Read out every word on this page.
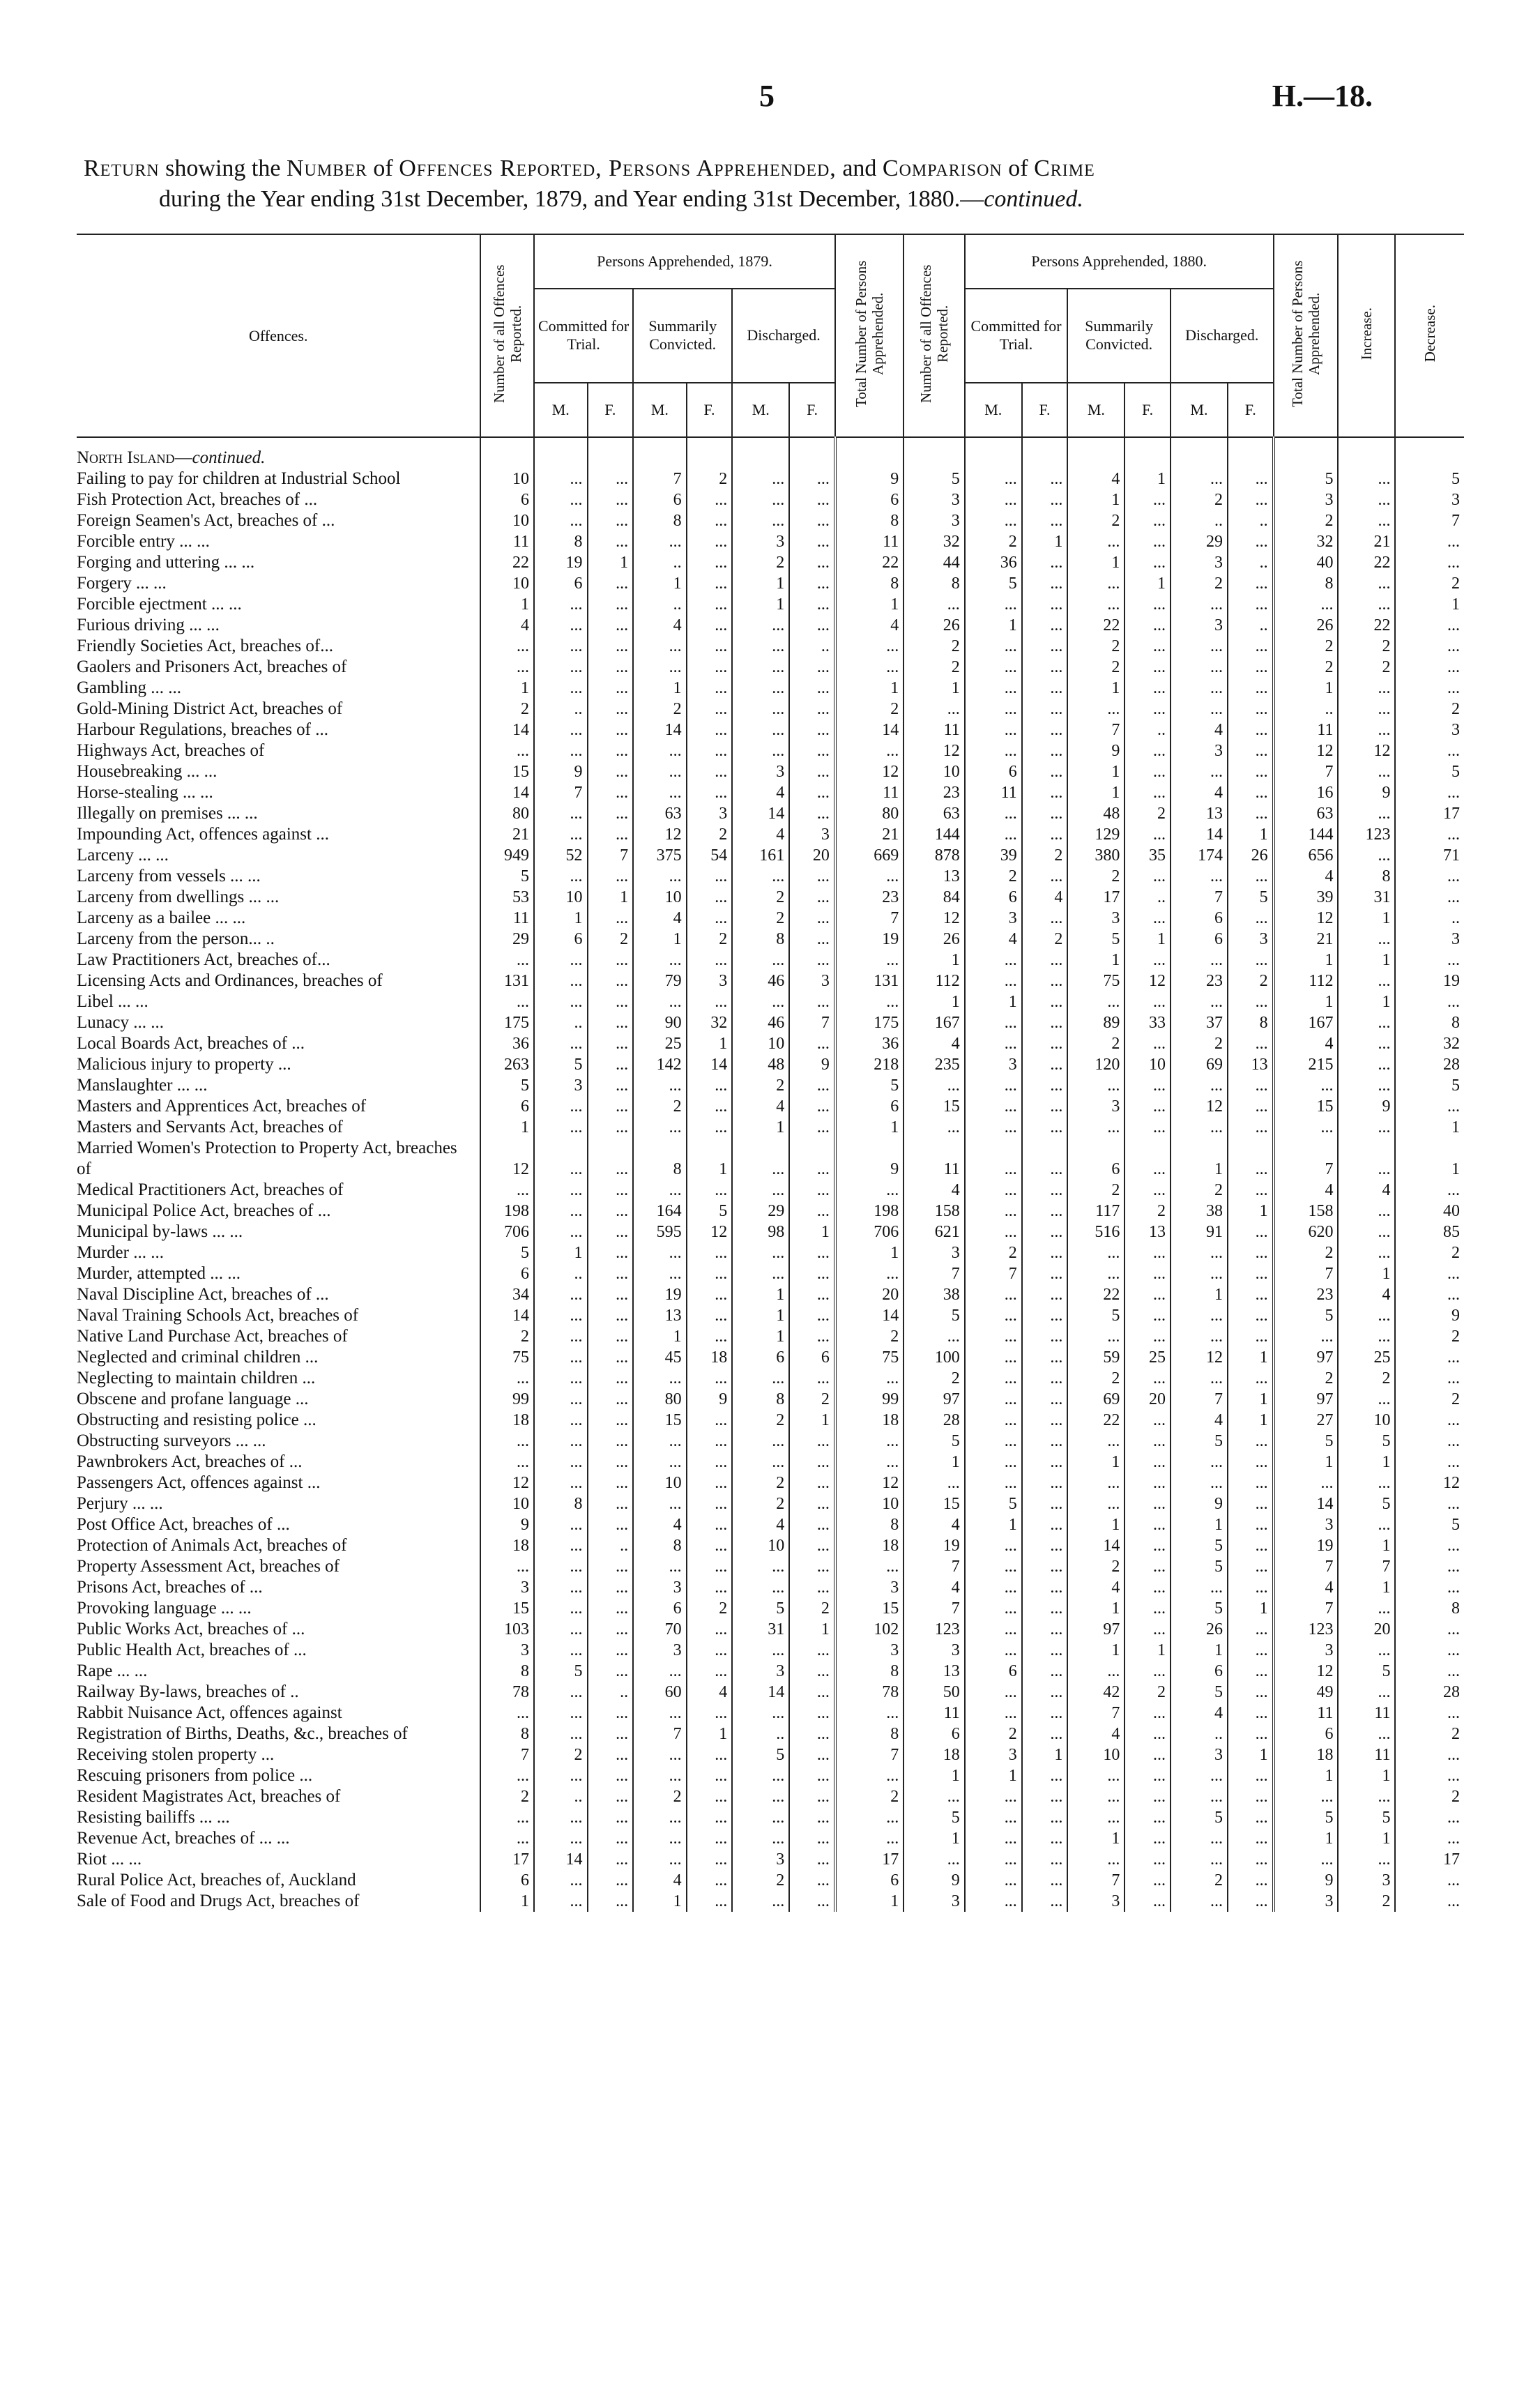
5	H.—18.
Return showing the Number of Offences Reported, Persons Apprehended, and Comparison of Crime
during the Year ending 31st December, 1879, and Year ending 31st December, 1880.—continued.
Offences.	Number of all Offences Reported.	Persons Apprehended, 1879.						Total Number of Persons Apprehended.	Number of all Offences Reported.	Persons Apprehended, 1880.						Total Number of Persons Apprehended.	Increase.	Decrease.
		Committed for Trial.		Summarily Convicted.		Discharged.				Committed for Trial.		Summarily Convicted.		Discharged.				
		M.	F.	M.	F.	M.	F.			M.	F.	M.	F.	M.	F.			
North Island—continued.																		
Failing to pay for children at Industrial School	10	...	...	7	2	...	...	9	5	...	...	4	1	...	...	5	...	5
Fish Protection Act, breaches of ...	6	...	...	6	...	...	...	6	3	...	...	1	...	2	...	3	...	3
Foreign Seamen's Act, breaches of ...	10	...	...	8	...	...	...	8	3	...	...	2	...	..	..	2	...	7
Forcible entry ... ...	11	8	...	...	...	3	...	11	32	2	1	...	...	29	...	32	21	...
Forging and uttering ... ...	22	19	1	..	...	2	...	22	44	36	...	1	...	3	..	40	22	...
Forgery ... ...	10	6	...	1	...	1	...	8	8	5	...	...	1	2	...	8	...	2
Forcible ejectment ... ...	1	...	...	..	...	1	...	1	...	...	...	...	...	...	...	...	...	1
Furious driving ... ...	4	...	...	4	...	...	...	4	26	1	...	22	...	3	..	26	22	...
Friendly Societies Act, breaches of...	...	...	...	...	...	...	..	...	2	...	...	2	...	...	...	2	2	...
Gaolers and Prisoners Act, breaches of	...	...	...	...	...	...	...	...	2	...	...	2	...	...	...	2	2	...
Gambling ... ...	1	...	...	1	...	...	...	1	1	...	...	1	...	...	...	1	...	...
Gold-Mining District Act, breaches of	2	..	...	2	...	...	...	2	...	...	...	...	...	...	...	..	...	2
Harbour Regulations, breaches of ...	14	...	...	14	...	...	...	14	11	...	...	7	..	4	...	11	...	3
Highways Act, breaches of	...	...	...	...	...	...	...	...	12	...	...	9	...	3	...	12	12	...
Housebreaking ... ...	15	9	...	...	...	3	...	12	10	6	...	1	...	...	...	7	...	5
Horse-stealing ... ...	14	7	...	...	...	4	...	11	23	11	...	1	...	4	...	16	9	...
Illegally on premises ... ...	80	...	...	63	3	14	...	80	63	...	...	48	2	13	...	63	...	17
Impounding Act, offences against ...	21	...	...	12	2	4	3	21	144	...	...	129	...	14	1	144	123	...
Larceny ... ...	949	52	7	375	54	161	20	669	878	39	2	380	35	174	26	656	...	71
Larceny from vessels ... ...	5	...	...	...	...	...	...	...	13	2	...	2	...	...	...	4	8	...
Larceny from dwellings ... ...	53	10	1	10	...	2	...	23	84	6	4	17	..	7	5	39	31	...
Larceny as a bailee ... ...	11	1	...	4	...	2	...	7	12	3	...	3	...	6	...	12	1	..
Larceny from the person... ..	29	6	2	1	2	8	...	19	26	4	2	5	1	6	3	21	...	3
Law Practitioners Act, breaches of...	...	...	...	...	...	...	...	...	1	...	...	1	...	...	...	1	1	...
Licensing Acts and Ordinances, breaches of	131	...	...	79	3	46	3	131	112	...	...	75	12	23	2	112	...	19
Libel ... ...	...	...	...	...	...	...	...	...	1	1	...	...	...	...	...	1	1	...
Lunacy ... ...	175	..	...	90	32	46	7	175	167	...	...	89	33	37	8	167	...	8
Local Boards Act, breaches of ...	36	...	...	25	1	10	...	36	4	...	...	2	...	2	...	4	...	32
Malicious injury to property ...	263	5	...	142	14	48	9	218	235	3	...	120	10	69	13	215	...	28
Manslaughter ... ...	5	3	...	...	...	2	...	5	...	...	...	...	...	...	...	...	...	5
Masters and Apprentices Act, breaches of	6	...	...	2	...	4	...	6	15	...	...	3	...	12	...	15	9	...
Masters and Servants Act, breaches of	1	...	...	...	...	1	...	1	...	...	...	...	...	...	...	...	...	1
Married Women's Protection to Property Act, breaches of	12	...	...	8	1	...	...	9	11	...	...	6	...	1	...	7	...	1
Medical Practitioners Act, breaches of	...	...	...	...	...	...	...	...	4	...	...	2	...	2	...	4	4	...
Municipal Police Act, breaches of ...	198	...	...	164	5	29	...	198	158	...	...	117	2	38	1	158	...	40
Municipal by-laws ... ...	706	...	...	595	12	98	1	706	621	...	...	516	13	91	...	620	...	85
Murder ... ...	5	1	...	...	...	...	...	1	3	2	...	...	...	...	...	2	...	2
Murder, attempted ... ...	6	..	...	...	...	...	...	...	7	7	...	...	...	...	...	7	1	...
Naval Discipline Act, breaches of ...	34	...	...	19	...	1	...	20	38	...	...	22	...	1	...	23	4	...
Naval Training Schools Act, breaches of	14	...	...	13	...	1	...	14	5	...	...	5	...	...	...	5	...	9
Native Land Purchase Act, breaches of	2	...	...	1	...	1	...	2	...	...	...	...	...	...	...	...	...	2
Neglected and criminal children ...	75	...	...	45	18	6	6	75	100	...	...	59	25	12	1	97	25	...
Neglecting to maintain children ...	...	...	...	...	...	...	...	...	2	...	...	2	...	...	...	2	2	...
Obscene and profane language ...	99	...	...	80	9	8	2	99	97	...	...	69	20	7	1	97	...	2
Obstructing and resisting police ...	18	...	...	15	...	2	1	18	28	...	...	22	...	4	1	27	10	...
Obstructing surveyors ... ...	...	...	...	...	...	...	...	...	5	...	...	...	...	5	...	5	5	...
Pawnbrokers Act, breaches of ...	...	...	...	...	...	...	...	...	1	...	...	1	...	...	...	1	1	...
Passengers Act, offences against ...	12	...	...	10	...	2	...	12	...	...	...	...	...	...	...	...	...	12
Perjury ... ...	10	8	...	...	...	2	...	10	15	5	...	...	...	9	...	14	5	...
Post Office Act, breaches of ...	9	...	...	4	...	4	...	8	4	1	...	1	...	1	...	3	...	5
Protection of Animals Act, breaches of	18	...	..	8	...	10	...	18	19	...	...	14	...	5	...	19	1	...
Property Assessment Act, breaches of	...	...	...	...	...	...	...	...	7	...	...	2	...	5	...	7	7	...
Prisons Act, breaches of ...	3	...	...	3	...	...	...	3	4	...	...	4	...	...	...	4	1	...
Provoking language ... ...	15	...	...	6	2	5	2	15	7	...	...	1	...	5	1	7	...	8
Public Works Act, breaches of ...	103	...	...	70	...	31	1	102	123	...	...	97	...	26	...	123	20	...
Public Health Act, breaches of ...	3	...	...	3	...	...	...	3	3	...	...	1	1	1	...	3	...	...
Rape ... ...	8	5	...	...	...	3	...	8	13	6	...	...	...	6	...	12	5	...
Railway By-laws, breaches of ..	78	...	..	60	4	14	...	78	50	...	...	42	2	5	...	49	...	28
Rabbit Nuisance Act, offences against	...	...	...	...	...	...	...	...	11	...	...	7	...	4	...	11	11	...
Registration of Births, Deaths, &c., breaches of	8	...	...	7	1	..	...	8	6	2	...	4	...	..	...	6	...	2
Receiving stolen property ...	7	2	...	...	...	5	...	7	18	3	1	10	...	3	1	18	11	...
Rescuing prisoners from police ...	...	...	...	...	...	...	...	...	1	1	...	...	...	...	...	1	1	...
Resident Magistrates Act, breaches of	2	..	...	2	...	...	...	2	...	...	...	...	...	...	...	...	...	2
Resisting bailiffs ... ...	...	...	...	...	...	...	...	...	5	...	...	...	...	5	...	5	5	...
Revenue Act, breaches of ... ...	...	...	...	...	...	...	...	...	1	...	...	1	...	...	...	1	1	...
Riot ... ...	17	14	...	...	...	3	...	17	...	...	...	...	...	...	...	...	...	17
Rural Police Act, breaches of, Auckland	6	...	...	4	...	2	...	6	9	...	...	7	...	2	...	9	3	...
Sale of Food and Drugs Act, breaches of	1	...	...	1	...	...	...	1	3	...	...	3	...	...	...	3	2	...
